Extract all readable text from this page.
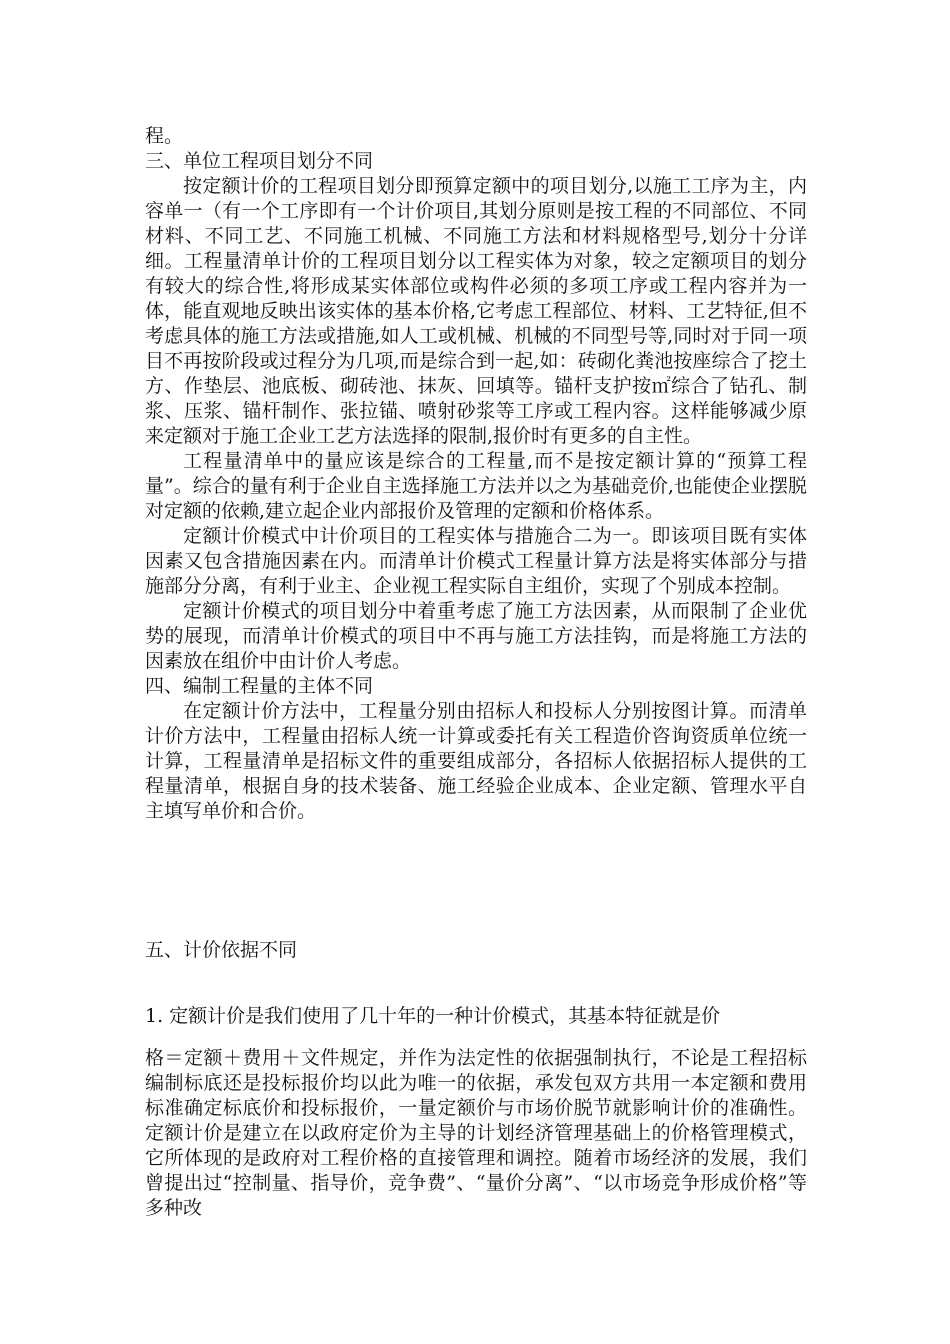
程。

三、单位工程项目划分不同

按定额计价的工程项目划分即预算定额中的项目划分,以施工工序为主，内容单一（有一个工序即有一个计价项目,其划分原则是按工程的不同部位、不同材料、不同工艺、不同施工机械、不同施工方法和材料规格型号,划分十分详细。工程量清单计价的工程项目划分以工程实体为对象，较之定额项目的划分有较大的综合性,将形成某实体部位或构件必须的多项工序或工程内容并为一体，能直观地反映出该实体的基本价格,它考虑工程部位、材料、工艺特征,但不考虑具体的施工方法或措施,如人工或机械、机械的不同型号等,同时对于同一项目不再按阶段或过程分为几项,而是综合到一起,如：砖砌化粪池按座综合了挖土方、作垫层、池底板、砌砖池、抹灰、回填等。锚杆支护按㎡综合了钻孔、制浆、压浆、锚杆制作、张拉锚、喷射砂浆等工序或工程内容。这样能够减少原来定额对于施工企业工艺方法选择的限制,报价时有更多的自主性。

工程量清单中的量应该是综合的工程量,而不是按定额计算的“预算工程量”。综合的量有利于企业自主选择施工方法并以之为基础竞价,也能使企业摆脱对定额的依赖,建立起企业内部报价及管理的定额和价格体系。

定额计价模式中计价项目的工程实体与措施合二为一。即该项目既有实体因素又包含措施因素在内。而清单计价模式工程量计算方法是将实体部分与措施部分分离，有利于业主、企业视工程实际自主组价，实现了个别成本控制。

定额计价模式的项目划分中着重考虑了施工方法因素，从而限制了企业优势的展现，而清单计价模式的项目中不再与施工方法挂钩，而是将施工方法的因素放在组价中由计价人考虑。

四、编制工程量的主体不同

在定额计价方法中，工程量分别由招标人和投标人分别按图计算。而清单计价方法中，工程量由招标人统一计算或委托有关工程造价咨询资质单位统一计算，工程量清单是招标文件的重要组成部分，各招标人依据招标人提供的工程量清单，根据自身的技术装备、施工经验企业成本、企业定额、管理水平自主填写单价和合价。

五、计价依据不同

1. 定额计价是我们使用了几十年的一种计价模式，其基本特征就是价

格＝定额＋费用＋文件规定，并作为法定性的依据强制执行，不论是工程招标编制标底还是投标报价均以此为唯一的依据，承发包双方共用一本定额和费用标准确定标底价和投标报价，一量定额价与市场价脱节就影响计价的准确性。定额计价是建立在以政府定价为主导的计划经济管理基础上的价格管理模式，它所体现的是政府对工程价格的直接管理和调控。随着市场经济的发展，我们曾提出过“控制量、指导价，竞争费”、“量价分离”、“以市场竞争形成价格”等多种改
